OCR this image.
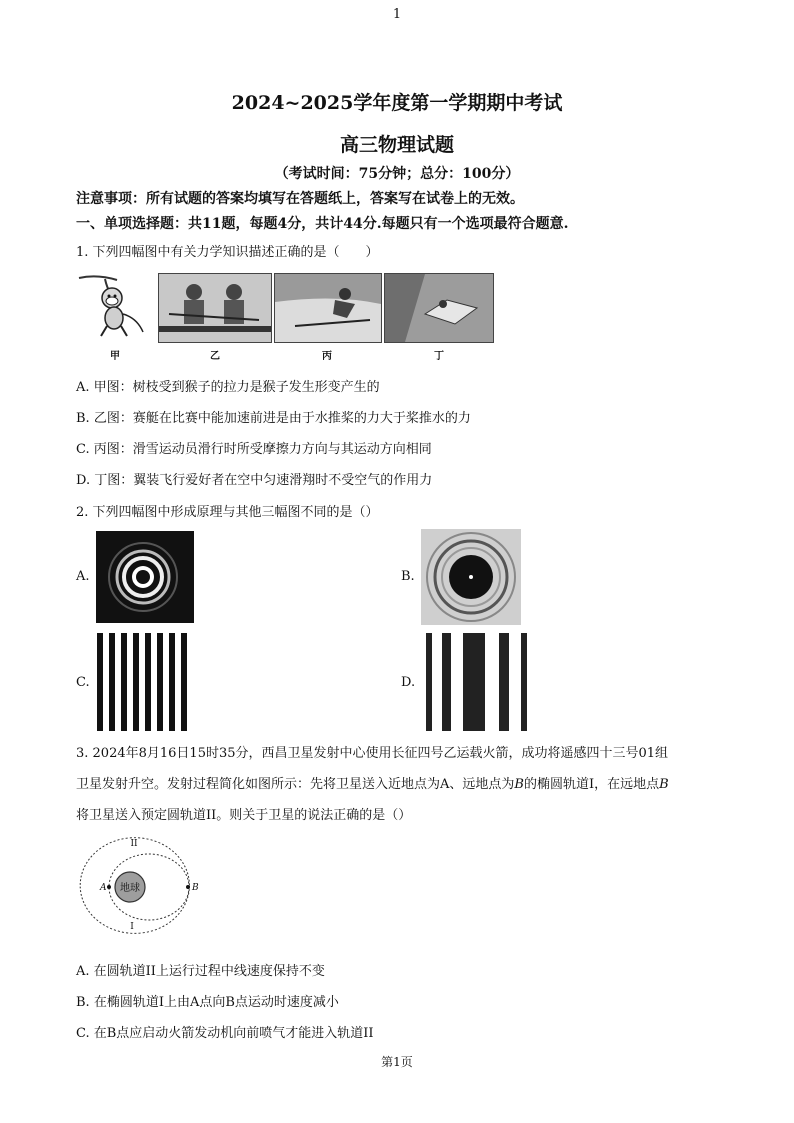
1
2024~2025学年度第一学期期中考试
高三物理试题
（考试时间：75分钟；总分：100分）
注意事项：所有试题的答案均填写在答题纸上，答案写在试卷上的无效。
一、单项选择题：共11题，每题4分，共计44分.每题只有一个选项最符合题意.
1. 下列四幅图中有关力学知识描述正确的是（　　）
甲	乙	丙	丁
A. 甲图：树枝受到猴子的拉力是猴子发生形变产生的
B. 乙图：赛艇在比赛中能加速前进是由于水推桨的力大于桨推水的力
C. 丙图：滑雪运动员滑行时所受摩擦力方向与其运动方向相同
D. 丁图：翼装飞行爱好者在空中匀速滑翔时不受空气的作用力
2. 下列四幅图中形成原理与其他三幅图不同的是（）
A.	B.
C.	D.
3. 2024年8月16日15时35分，西昌卫星发射中心使用长征四号乙运载火箭，成功将遥感四十三号01组
卫星发射升空。发射过程简化如图所示：先将卫星送入近地点为A、远地点为B的椭圆轨道I，在远地点B
将卫星送入预定圆轨道II。则关于卫星的说法正确的是（）
地球
II
I
A	B
A. 在圆轨道II上运行过程中线速度保持不变
B. 在椭圆轨道I上由A点向B点运动时速度减小
C. 在B点应启动火箭发动机向前喷气才能进入轨道II
第1页
